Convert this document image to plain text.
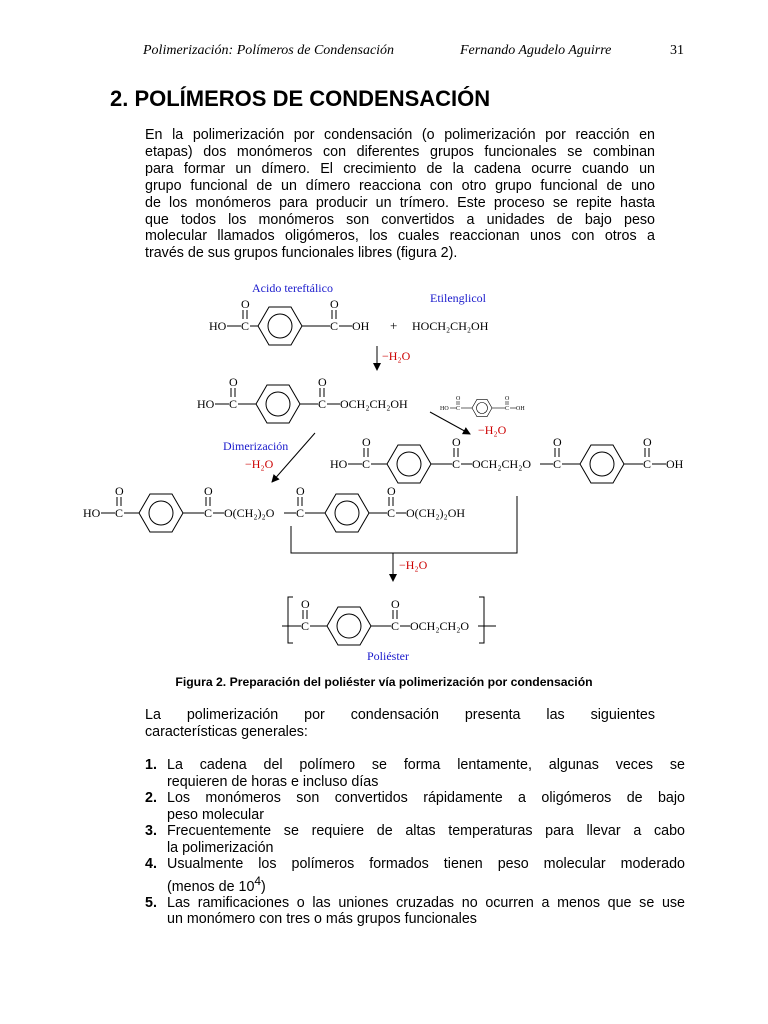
Polimerización: Polímeros de Condensación	Fernando Agudelo Aguirre	31
2. POLÍMEROS DE CONDENSACIÓN
En la polimerización por condensación (o polimerización por reacción en
etapas) dos monómeros con diferentes grupos funcionales se combinan
para formar un dímero. El crecimiento de la cadena ocurre cuando un
grupo funcional de un dímero reacciona con otro grupo funcional de uno
de los monómeros para producir un trímero. Este proceso se repite hasta
que todos los monómeros son convertidos a unidades de bajo peso
molecular llamados oligómeros, los cuales reaccionan unos con otros a
través de sus grupos funcionales libres (figura 2).
Acido tereftálico
HO C
O
C
O
OH +
Etilenglicol
HOCH₂CH₂OH
−H₂O
HO C
O
C
O
OCH₂CH₂OH	HO C
O
C
O
OH
−H₂O
Dimerización
−H₂O	HO C
O
C
O
OCH₂CH₂O C
O
C
O
OH
HO C
O
C
O
O(CH₂)₂O C
O
C
O
O(CH₂)₂OH
−H₂O
C
O
C
O
OCH₂CH₂O
Poliéster
Figura 2. Preparación del poliéster vía polimerización por condensación
La polimerización por condensación presenta las siguientes
características generales:
1. La cadena del polímero se forma lentamente, algunas veces se
requieren de horas e incluso días
2. Los monómeros son convertidos rápidamente a oligómeros de bajo
peso molecular
3. Frecuentemente se requiere de altas temperaturas para llevar a cabo
la polimerización
4. Usualmente los polímeros formados tienen peso molecular moderado
(menos de $10^4$)
5. Las ramificaciones o las uniones cruzadas no ocurren a menos que se use
un monómero con tres o más grupos funcionales
